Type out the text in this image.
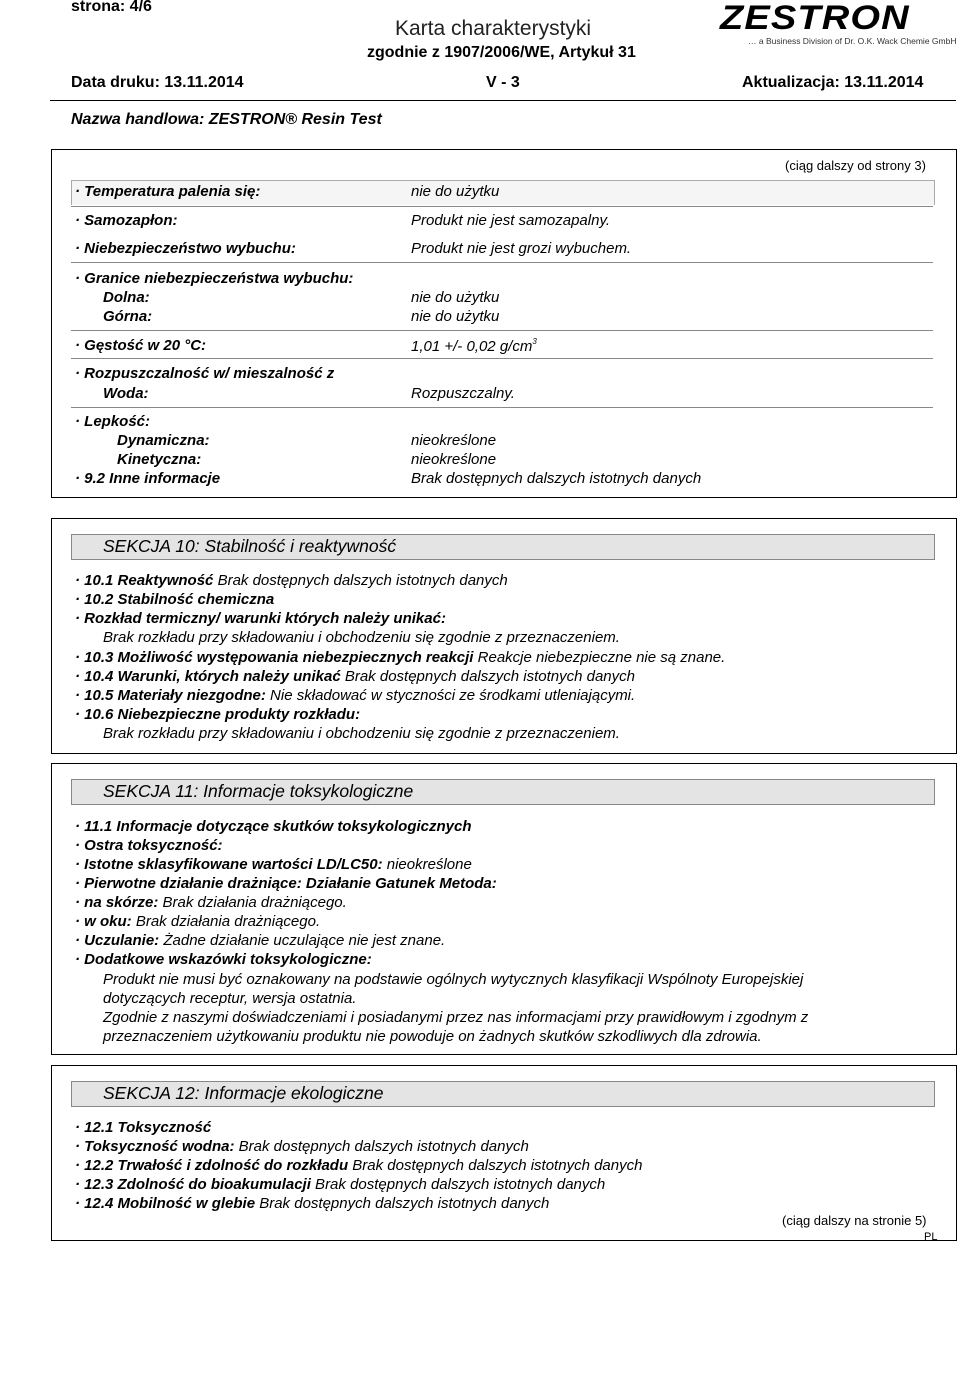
strona: 4/6
Karta charakterystyki
zgodnie z 1907/2006/WE, Artykuł 31
ZESTRON
… a Business Division of Dr. O.K. Wack Chemie GmbH
Data druku: 13.11.2014	V - 3	Aktualizacja: 13.11.2014
Nazwa handlowa: ZESTRON® Resin Test
(ciąg dalszy od strony 3)
· Temperatura palenia się:	nie do użytku
· Samozapłon:	Produkt nie jest samozapalny.
· Niebezpieczeństwo wybuchu:	Produkt nie jest grozi wybuchem.
· Granice niebezpieczeństwa wybuchu:
Dolna:	nie do użytku
Górna:	nie do użytku
· Gęstość w 20 °C:	1,01 +/- 0,02 $g/cm^3$
· Rozpuszczalność w/ mieszalność z
Woda:	Rozpuszczalny.
· Lepkość:
Dynamiczna:	nieokreślone
Kinetyczna:	nieokreślone
· 9.2 Inne informacje	Brak dostępnych dalszych istotnych danych
SEKCJA 10: Stabilność i reaktywność
· 10.1 Reaktywność Brak dostępnych dalszych istotnych danych
· 10.2 Stabilność chemiczna
· Rozkład termiczny/ warunki których należy unikać:
Brak rozkładu przy składowaniu i obchodzeniu się zgodnie z przeznaczeniem.
· 10.3 Możliwość występowania niebezpiecznych reakcji Reakcje niebezpieczne nie są znane.
· 10.4 Warunki, których należy unikać Brak dostępnych dalszych istotnych danych
· 10.5 Materiały niezgodne: Nie składować w styczności ze środkami utleniającymi.
· 10.6 Niebezpieczne produkty rozkładu:
Brak rozkładu przy składowaniu i obchodzeniu się zgodnie z przeznaczeniem.
SEKCJA 11: Informacje toksykologiczne
· 11.1 Informacje dotyczące skutków toksykologicznych
· Ostra toksyczność:
· Istotne sklasyfikowane wartości LD/LC50: nieokreślone
· Pierwotne działanie drażniące: Działanie Gatunek Metoda:
· na skórze: Brak działania drażniącego.
· w oku: Brak działania drażniącego.
· Uczulanie: Żadne działanie uczulające nie jest znane.
· Dodatkowe wskazówki toksykologiczne:
Produkt nie musi być oznakowany na podstawie ogólnych wytycznych klasyfikacji Wspólnoty Europejskiej
dotyczących receptur, wersja ostatnia.
Zgodnie z naszymi doświadczeniami i posiadanymi przez nas informacjami przy prawidłowym i zgodnym z
przeznaczeniem użytkowaniu produktu nie powoduje on żadnych skutków szkodliwych dla zdrowia.
SEKCJA 12: Informacje ekologiczne
· 12.1 Toksyczność
· Toksyczność wodna: Brak dostępnych dalszych istotnych danych
· 12.2 Trwałość i zdolność do rozkładu Brak dostępnych dalszych istotnych danych
· 12.3 Zdolność do bioakumulacji Brak dostępnych dalszych istotnych danych
· 12.4 Mobilność w glebie Brak dostępnych dalszych istotnych danych
(ciąg dalszy na stronie 5)
PL
